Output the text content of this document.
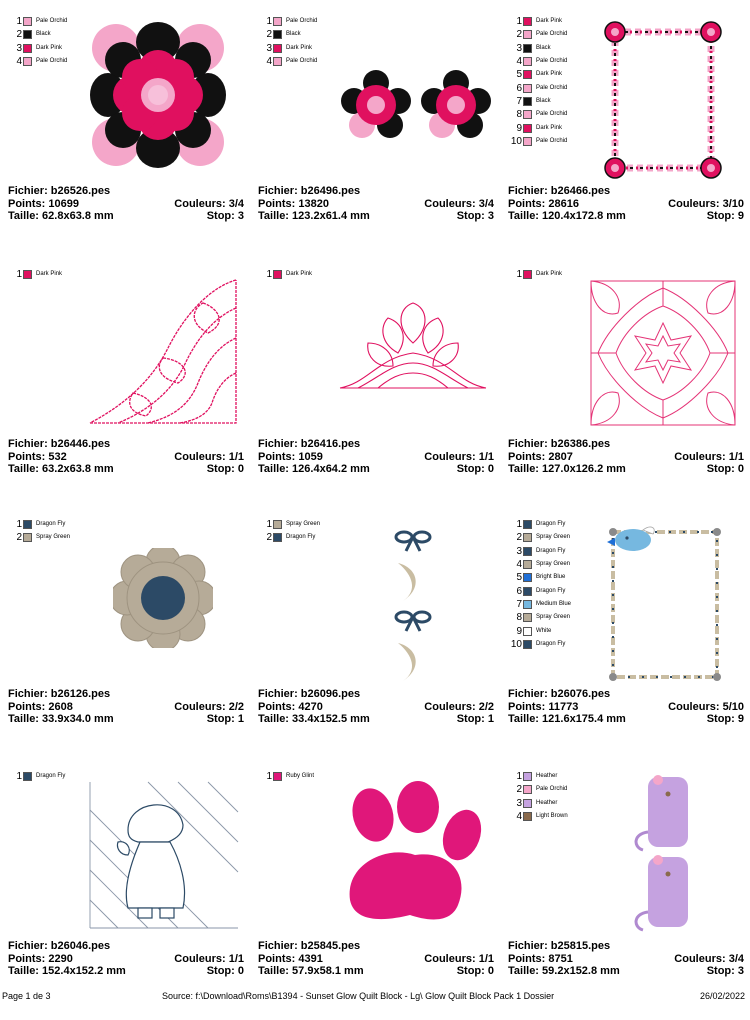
1 Pale Orchid
2 Black
3 Dark Pink
4 Pale Orchid
Fichier: b26526.pes
Points: 10699	Couleurs: 3/4
Taille: 62.8x63.8 mm	Stop: 3
1 Pale Orchid
2 Black
3 Dark Pink
4 Pale Orchid
Fichier: b26496.pes
Points: 13820	Couleurs: 3/4
Taille: 123.2x61.4 mm	Stop: 3
1 Dark Pink
2 Pale Orchid
3 Black
4 Pale Orchid
5 Dark Pink
6 Pale Orchid
7 Black
8 Pale Orchid
9 Dark Pink
10 Pale Orchid
Fichier: b26466.pes
Points: 28616	Couleurs: 3/10
Taille: 120.4x172.8 mm	Stop: 9
1 Dark Pink
Fichier: b26446.pes
Points: 532	Couleurs: 1/1
Taille: 63.2x63.8 mm	Stop: 0
1 Dark Pink
Fichier: b26416.pes
Points: 1059	Couleurs: 1/1
Taille: 126.4x64.2 mm	Stop: 0
1 Dark Pink
Fichier: b26386.pes
Points: 2807	Couleurs: 1/1
Taille: 127.0x126.2 mm	Stop: 0
1 Dragon Fly
2 Spray Green
Fichier: b26126.pes
Points: 2608	Couleurs: 2/2
Taille: 33.9x34.0 mm	Stop: 1
1 Spray Green
2 Dragon Fly
Fichier: b26096.pes
Points: 4270	Couleurs: 2/2
Taille: 33.4x152.5 mm	Stop: 1
1 Dragon Fly
2 Spray Green
3 Dragon Fly
4 Spray Green
5 Bright Blue
6 Dragon Fly
7 Medium Blue
8 Spray Green
9 White
10 Dragon Fly
Fichier: b26076.pes
Points: 11773	Couleurs: 5/10
Taille: 121.6x175.4 mm	Stop: 9
1 Dragon Fly
Fichier: b26046.pes
Points: 2290	Couleurs: 1/1
Taille: 152.4x152.2 mm	Stop: 0
1 Ruby Glint
Fichier: b25845.pes
Points: 4391	Couleurs: 1/1
Taille: 57.9x58.1 mm	Stop: 0
1 Heather
2 Pale Orchid
3 Heather
4 Light Brown
Fichier: b25815.pes
Points: 8751	Couleurs: 3/4
Taille: 59.2x152.8 mm	Stop: 3
Page 1 de 3	Source: f:\Download\Roms\B1394 - Sunset Glow Quilt Block - Lg\ Glow Quilt Block Pack 1 Dossier	26/02/2022
